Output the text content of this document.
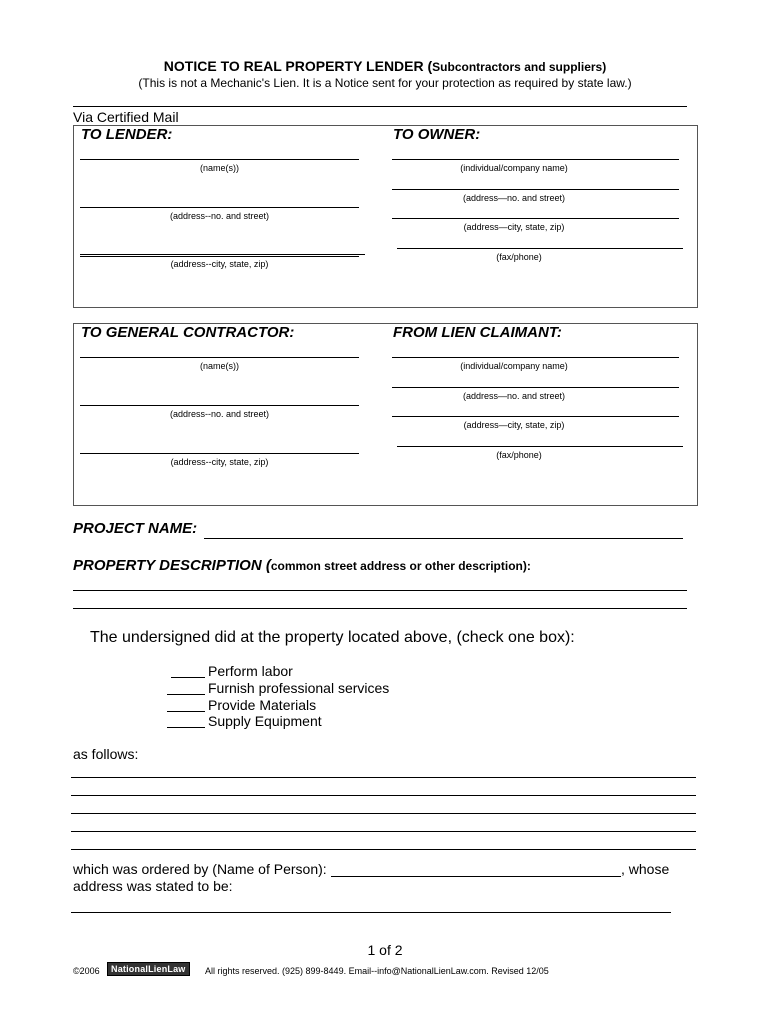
NOTICE TO REAL PROPERTY LENDER (Subcontractors and suppliers)
(This is not a Mechanic's Lien. It is a Notice sent for your protection as required by state law.)
Via Certified Mail
TO LENDER:	TO OWNER:
(name(s))
(address--no. and street)
(address--city, state, zip)
(individual/company name)
(address—no. and street)
(address—city, state, zip)
(fax/phone)
TO GENERAL CONTRACTOR:	FROM LIEN CLAIMANT:
(name(s))
(address--no. and street)
(address--city, state, zip)
(individual/company name)
(address—no. and street)
(address—city, state, zip)
(fax/phone)
PROJECT NAME:
PROPERTY DESCRIPTION (common street address or other description):
The undersigned did at the property located above, (check one box):
Perform labor
Furnish professional services
Provide Materials
Supply Equipment
as follows:
which was ordered by (Name of Person):	, whose
address was stated to be:
1 of 2
©2006	NationalLienLaw	All rights reserved. (925) 899-8449. Email--info@NationalLienLaw.com. Revised 12/05
